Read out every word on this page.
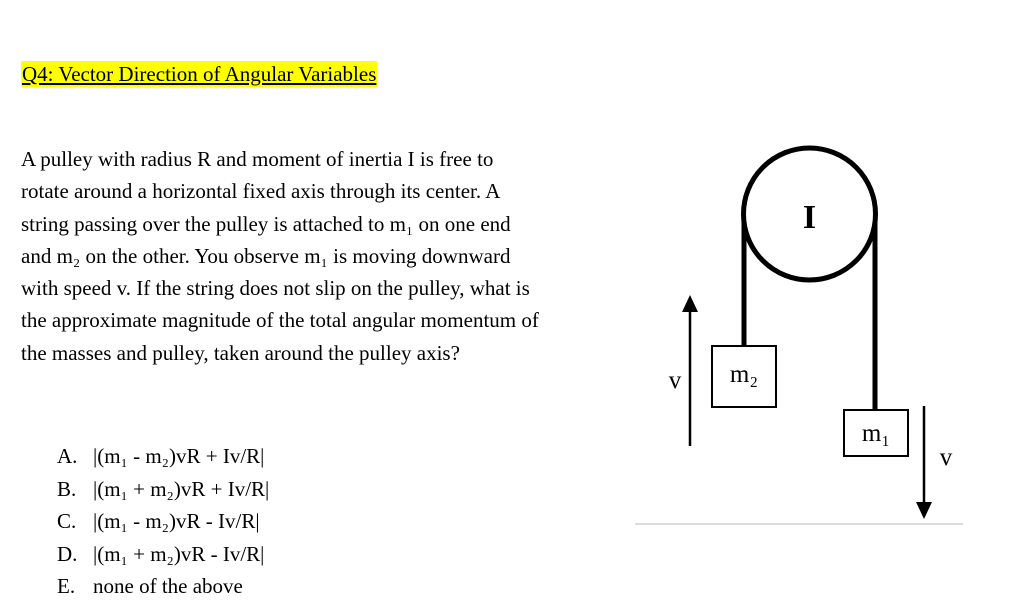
Q4: Vector Direction of Angular Variables
A pulley with radius R and moment of inertia I is free to
rotate around a horizontal fixed axis through its center. A
string passing over the pulley is attached to m₁ on one end
and m₂ on the other. You observe m₁ is moving downward
with speed v. If the string does not slip on the pulley, what is
the approximate magnitude of the total angular momentum of
the masses and pulley, taken around the pulley axis?
A. |(m₁ - m₂)vR + Iv/R|
B. |(m₁ + m₂)vR + Iv/R|
C. |(m₁ - m₂)vR - Iv/R|
D. |(m₁ + m₂)vR - Iv/R|
E. none of the above
I
m₂
m₁
v
v
